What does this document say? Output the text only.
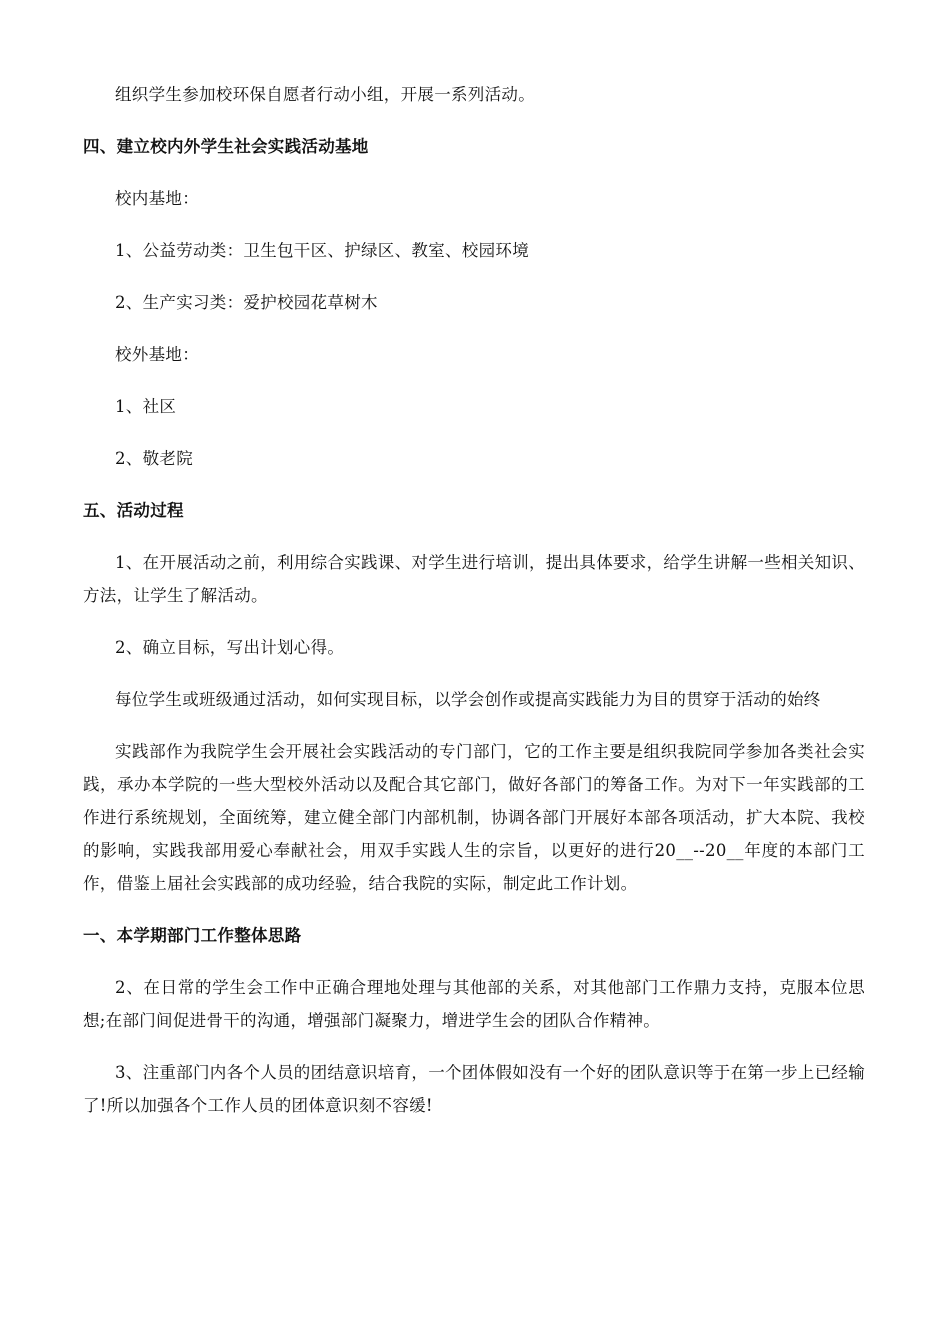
组织学生参加校环保自愿者行动小组，开展一系列活动。

四、建立校内外学生社会实践活动基地

校内基地：

1、公益劳动类：卫生包干区、护绿区、教室、校园环境

2、生产实习类：爱护校园花草树木

校外基地：

1、社区

2、敬老院

五、活动过程

1、在开展活动之前，利用综合实践课、对学生进行培训，提出具体要求，给学生讲解一些相关知识、方法，让学生了解活动。

2、确立目标，写出计划心得。

每位学生或班级通过活动，如何实现目标，以学会创作或提高实践能力为目的贯穿于活动的始终

实践部作为我院学生会开展社会实践活动的专门部门，它的工作主要是组织我院同学参加各类社会实践，承办本学院的一些大型校外活动以及配合其它部门，做好各部门的筹备工作。为对下一年实践部的工作进行系统规划，全面统筹，建立健全部门内部机制，协调各部门开展好本部各项活动，扩大本院、我校的影响，实践我部用爱心奉献社会，用双手实践人生的宗旨，以更好的进行20__--20__年度的本部门工作，借鉴上届社会实践部的成功经验，结合我院的实际，制定此工作计划。

一、本学期部门工作整体思路

2、在日常的学生会工作中正确合理地处理与其他部的关系，对其他部门工作鼎力支持，克服本位思想;在部门间促进骨干的沟通，增强部门凝聚力，增进学生会的团队合作精神。

3、注重部门内各个人员的团结意识培育，一个团体假如没有一个好的团队意识等于在第一步上已经输了!所以加强各个工作人员的团体意识刻不容缓!
